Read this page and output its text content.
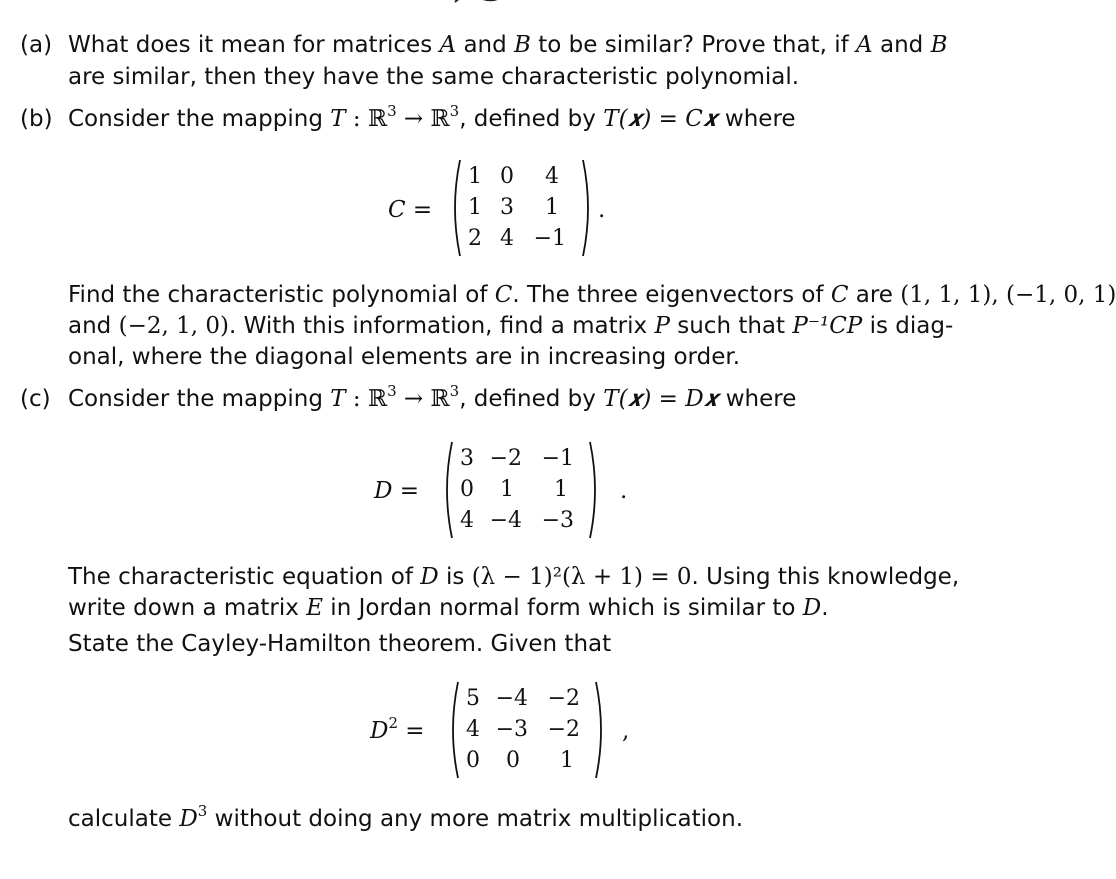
(a) What does it mean for matrices A and B to be similar? Prove that, if A and B
are similar, then they have the same characteristic polynomial.
(b) Consider the mapping T : ℝ$^3$ → ℝ$^3$, defined by T(𝒙) = C𝒙 where
C =
1 0	4
1 3	1
2 4 −1
.
Find the characteristic polynomial of C. The three eigenvectors of C are (1, 1, 1), (−1, 0, 1)
and (−2, 1, 0). With this information, find a matrix P such that P⁻¹CP is diag-
onal, where the diagonal elements are in increasing order.
(c) Consider the mapping T : ℝ$^3$ → ℝ$^3$, defined by T(𝒙) = D𝒙 where
D =
3 −2 −1
0	1	1
4 −4 −3
.
The characteristic equation of D is (λ − 1)²(λ + 1) = 0. Using this knowledge,
write down a matrix E in Jordan normal form which is similar to D.
State the Cayley-Hamilton theorem. Given that
$D^2$ =
5 −4 −2
4 −3 −2
0	0	1
,
calculate $D^3$ without doing any more matrix multiplication.
